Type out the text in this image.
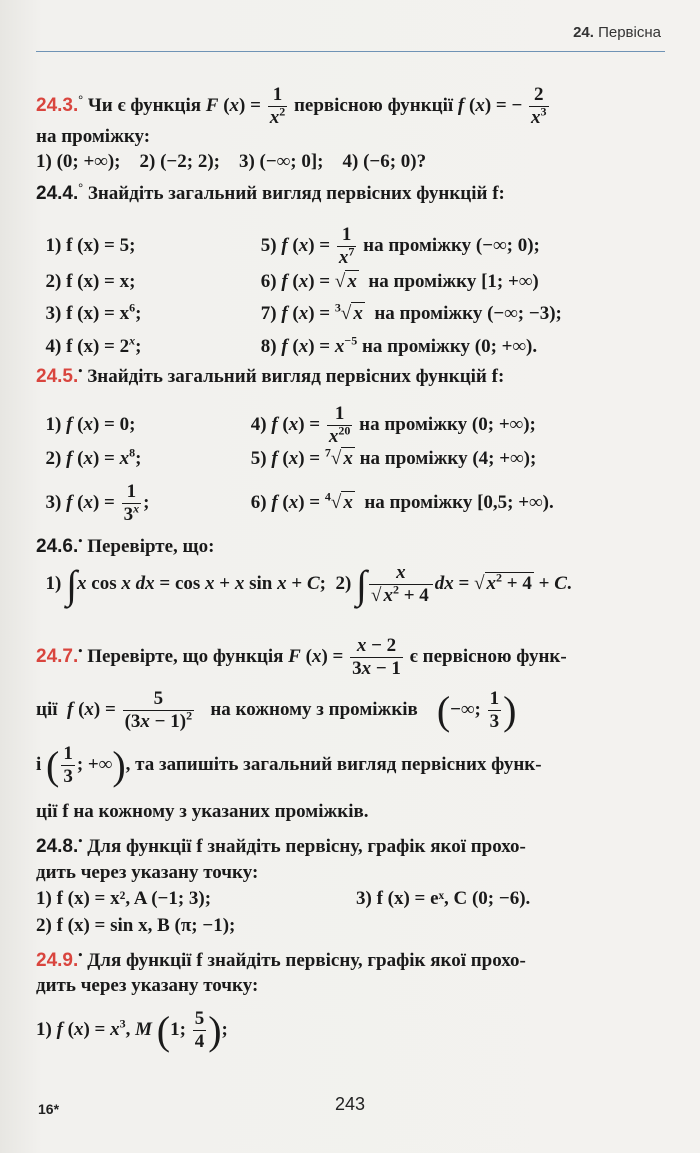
24. Первісна
24.3.° Чи є функція F $(x) = \frac{1}{x^2}$ первісною функції f (x) = − $\frac{2}{x^3}$
на проміжку:
1) (0; +∞); 2) (−2; 2); 3) (−∞; 0]; 4) (−6; 0)?
24.4.° Знайдіть загальний вигляд первісних функцій f:
1) f (x) = 5;	5) f $(x) = \frac{1}{x^7}$ на проміжку (−∞; 0);
2) f (x) = x;	6) f (x) = √ x на проміжку [1; +∞)
3) f $(x) = x^6$;	7) f (x) = $^3$√ x на проміжку (−∞; −3);
4) f $(x) = 2^x$;	8) f $(x) = x^{-5}$ на проміжку (0; +∞).
24.5.• Знайдіть загальний вигляд первісних функцій f:
1) f (x) = 0;	4) f $(x) = \frac{1}{x^{20}}$ на проміжку (0; +∞);
2) f $(x) = x^8$;	5) f (x) = $^7$√ x на проміжку (4; +∞);
3) f $(x) = \frac{1}{3^x}$ ;	6) f (x) = $^4$√ x на проміжку [0,5; +∞).
24.6.• Перевірте, що:
1) ∫x cos x dx = cos x + x sin x + C;  2) ∫ $\frac{x}{√ x^2 + 4}$ dx = √ $x^2 + 4 + C$.
24.7.• Перевірте, що функція F $(x) = \frac{x - 2}{3x - 1}$ є первісною функ-
ції f $(x) = \frac{5}{(3x - 1)^2}$ на кожному з проміжків (−∞; $\frac{1}{3}$ )
і ( $\frac{1}{3}$ ; +∞), та запишіть загальний вигляд первісних функ-
ції f на кожному з указаних проміжків.
24.8.• Для функції f знайдіть первісну, графік якої прохо-
дить через указану точку:
1) f (x) = x², A (−1; 3);	3) f (x) = eˣ, C (0; −6).
2) f (x) = sin x, B (π; −1);
24.9.• Для функції f знайдіть первісну, графік якої прохо-
дить через указану точку:
1) f $(x) = x^3$, M (1; $\frac{5}{4}$ );
16*	243
